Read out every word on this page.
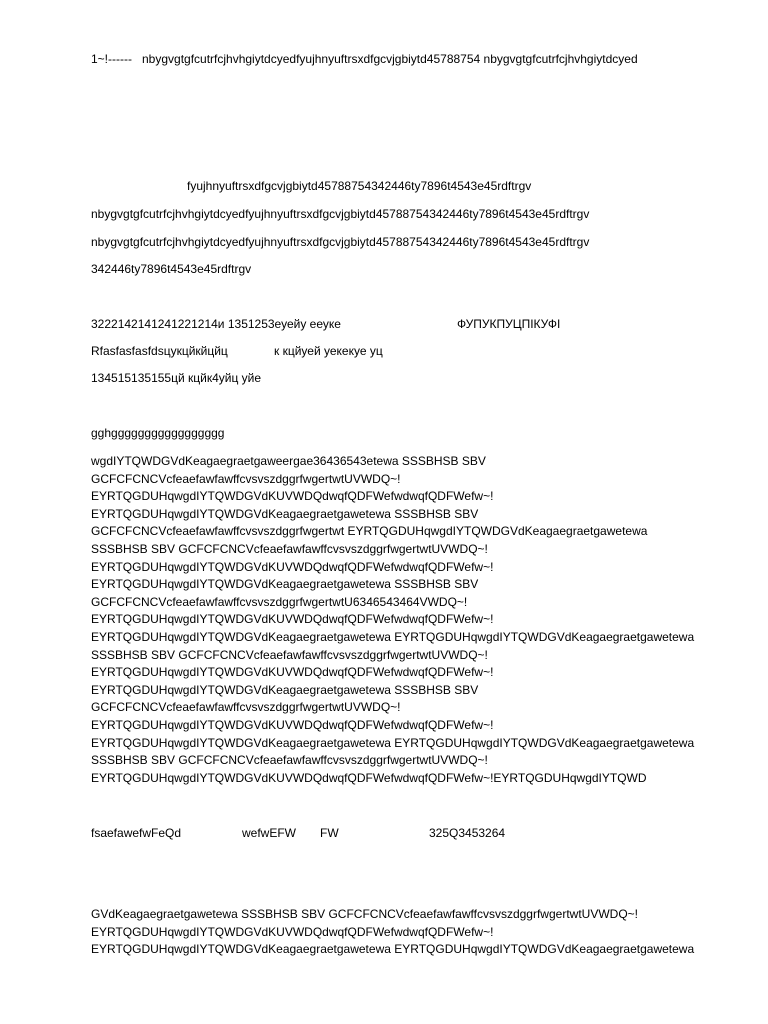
1~!------   nbygvgtgfcutrfcjhvhgiytdcyedfyujhnyuftrsxdfgcvjgbiytd45788754 nbygvgtgfcutrfcjhvhgiytdcyed
fyujhnyuftrsxdfgcvjgbiytd45788754342446ty7896t4543e45rdftrgv
nbygvgtgfcutrfcjhvhgiytdcyedfyujhnyuftrsxdfgcvjgbiytd45788754342446ty7896t4543e45rdftrgv
nbygvgtgfcutrfcjhvhgiytdcyedfyujhnyuftrsxdfgcvjgbiytd45788754342446ty7896t4543e45rdftrgv
342446ty7896t4543e45rdftrgv
3222142141241221214и 1351253еуейу ееуке	ФУПУКПУЦПІКУФІ
Rfasfasfasfdsцукцйкйцйц	к кцйуей уекекуе уц
134515135155цй кцйк4уйц уйе
gghggggggggggggggggg
wgdIYTQWDGVdKeagaegraetgaweergae36436543etewa SSSBHSB SBV
GCFCFCNCVcfeaefawfawffcvsvszdggrfwgertwtUVWDQ~!
EYRTQGDUHqwgdIYTQWDGVdKUVWDQdwqfQDFWefwdwqfQDFWefw~!
EYRTQGDUHqwgdIYTQWDGVdKeagaegraetgawetewa SSSBHSB SBV
GCFCFCNCVcfeaefawfawffcvsvszdggrfwgertwt EYRTQGDUHqwgdIYTQWDGVdKeagaegraetgawetewa
SSSBHSB SBV GCFCFCNCVcfeaefawfawffcvsvszdggrfwgertwtUVWDQ~!
EYRTQGDUHqwgdIYTQWDGVdKUVWDQdwqfQDFWefwdwqfQDFWefw~!
EYRTQGDUHqwgdIYTQWDGVdKeagaegraetgawetewa SSSBHSB SBV
GCFCFCNCVcfeaefawfawffcvsvszdggrfwgertwtU6346543464VWDQ~!
EYRTQGDUHqwgdIYTQWDGVdKUVWDQdwqfQDFWefwdwqfQDFWefw~!
EYRTQGDUHqwgdIYTQWDGVdKeagaegraetgawetewa EYRTQGDUHqwgdIYTQWDGVdKeagaegraetgawetewa
SSSBHSB SBV GCFCFCNCVcfeaefawfawffcvsvszdggrfwgertwtUVWDQ~!
EYRTQGDUHqwgdIYTQWDGVdKUVWDQdwqfQDFWefwdwqfQDFWefw~!
EYRTQGDUHqwgdIYTQWDGVdKeagaegraetgawetewa SSSBHSB SBV
GCFCFCNCVcfeaefawfawffcvsvszdggrfwgertwtUVWDQ~!
EYRTQGDUHqwgdIYTQWDGVdKUVWDQdwqfQDFWefwdwqfQDFWefw~!
EYRTQGDUHqwgdIYTQWDGVdKeagaegraetgawetewa EYRTQGDUHqwgdIYTQWDGVdKeagaegraetgawetewa
SSSBHSB SBV GCFCFCNCVcfeaefawfawffcvsvszdggrfwgertwtUVWDQ~!
EYRTQGDUHqwgdIYTQWDGVdKUVWDQdwqfQDFWefwdwqfQDFWefw~!EYRTQGDUHqwgdIYTQWD
fsaefawefwFeQd	wefwEFW FW	325Q3453264
GVdKeagaegraetgawetewa SSSBHSB SBV GCFCFCNCVcfeaefawfawffcvsvszdggrfwgertwtUVWDQ~!
EYRTQGDUHqwgdIYTQWDGVdKUVWDQdwqfQDFWefwdwqfQDFWefw~!
EYRTQGDUHqwgdIYTQWDGVdKeagaegraetgawetewa EYRTQGDUHqwgdIYTQWDGVdKeagaegraetgawetewa
